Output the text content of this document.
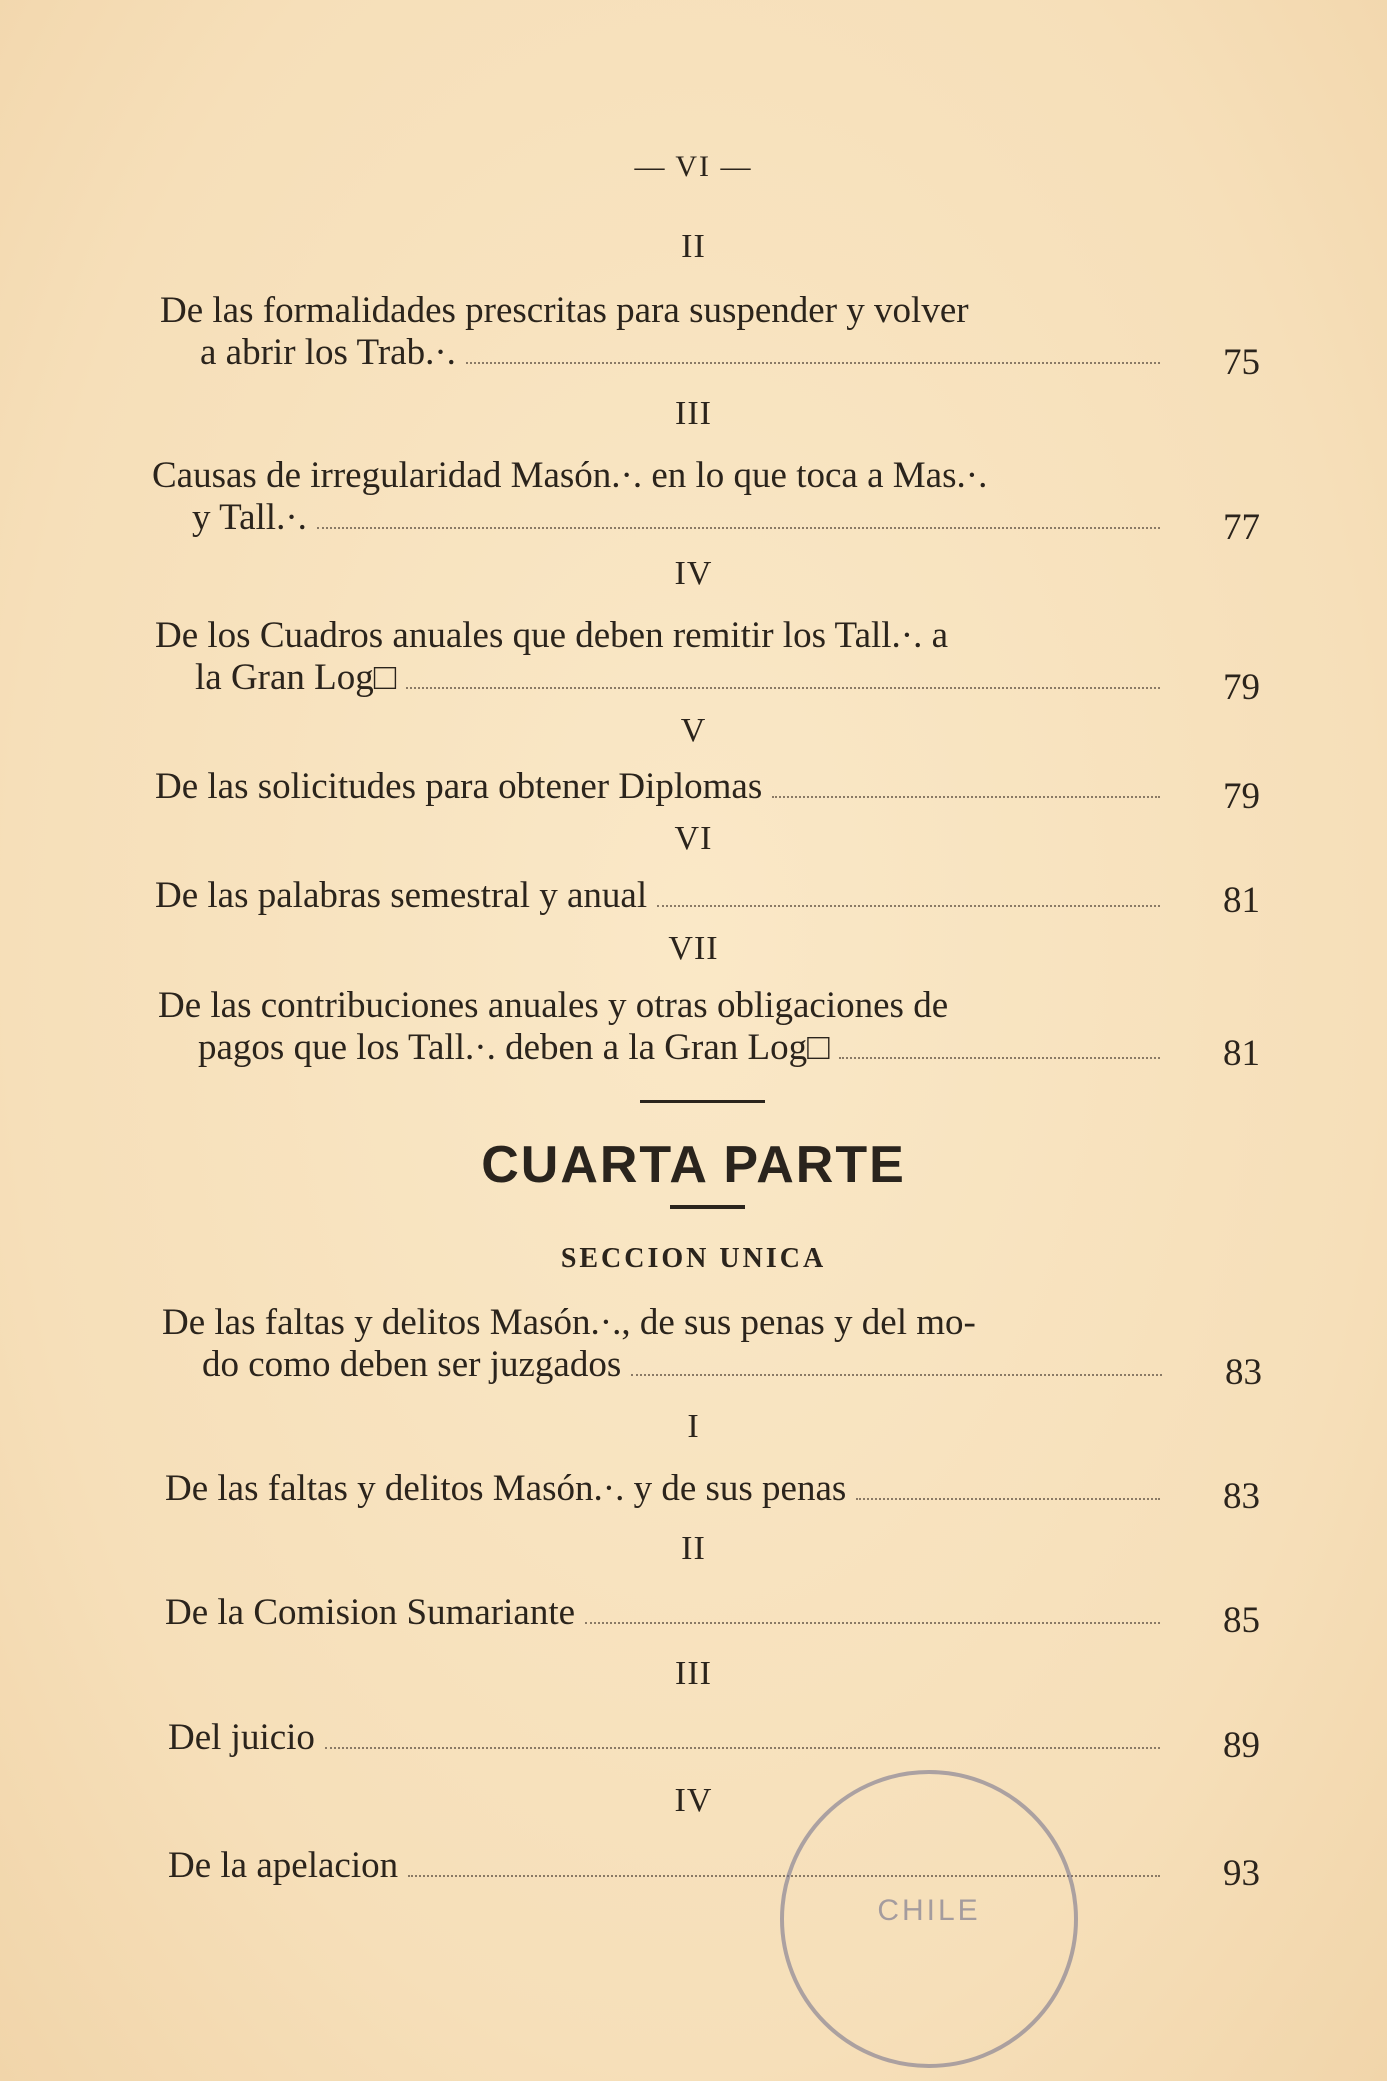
— VI —
II
De las formalidades prescritas para suspender y volver
a abrir los Trab.·.	75
III
Causas de irregularidad Masón.·. en lo que toca a Mas.·.
y Tall.·.	77
IV
De los Cuadros anuales que deben remitir los Tall.·. a
la Gran Log□	79
V
De las solicitudes para obtener Diplomas	79
VI
De las palabras semestral y anual	81
VII
De las contribuciones anuales y otras obligaciones de
pagos que los Tall.·. deben a la Gran Log□	81
CUARTA PARTE
SECCION UNICA
De las faltas y delitos Masón.·., de sus penas y del mo-
do como deben ser juzgados	83
I
De las faltas y delitos Masón.·. y de sus penas	83
II
De la Comision Sumariante	85
III
Del juicio	89
IV
De la apelacion	93
CHILE
